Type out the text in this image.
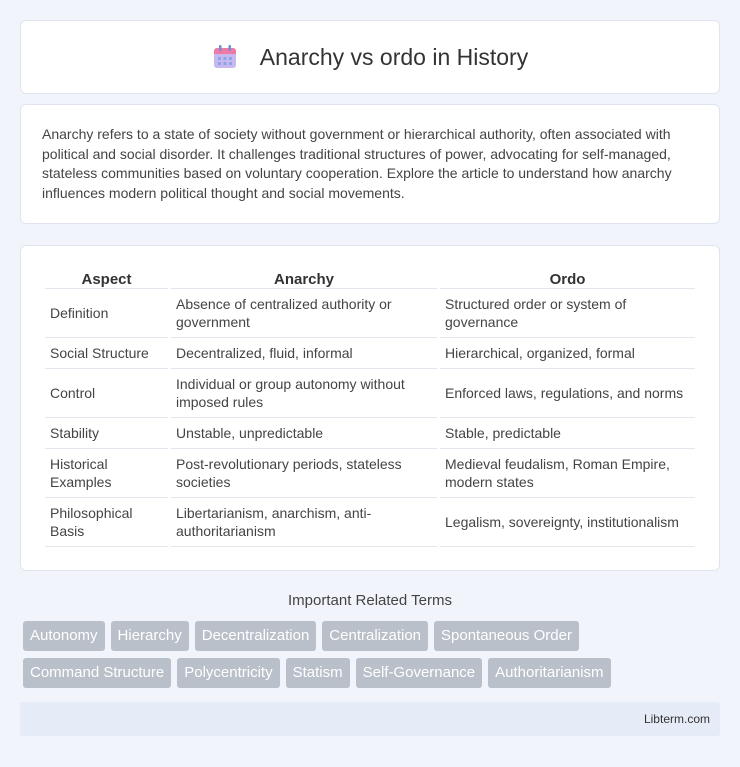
Anarchy vs ordo in History

Anarchy refers to a state of society without government or hierarchical authority, often associated with political and social disorder. It challenges traditional structures of power, advocating for self-managed, stateless communities based on voluntary cooperation. Explore the article to understand how anarchy influences modern political thought and social movements.

Aspect	Anarchy	Ordo
Definition	Absence of centralized authority or government	Structured order or system of governance
Social Structure	Decentralized, fluid, informal	Hierarchical, organized, formal
Control	Individual or group autonomy without imposed rules	Enforced laws, regulations, and norms
Stability	Unstable, unpredictable	Stable, predictable
Historical Examples	Post-revolutionary periods, stateless societies	Medieval feudalism, Roman Empire, modern states
Philosophical Basis	Libertarianism, anarchism, anti-authoritarianism	Legalism, sovereignty, institutionalism
Important Related Terms
Autonomy	Hierarchy	Decentralization	Centralization	Spontaneous Order
Command Structure	Polycentricity	Statism	Self-Governance	Authoritarianism
Libterm.com
